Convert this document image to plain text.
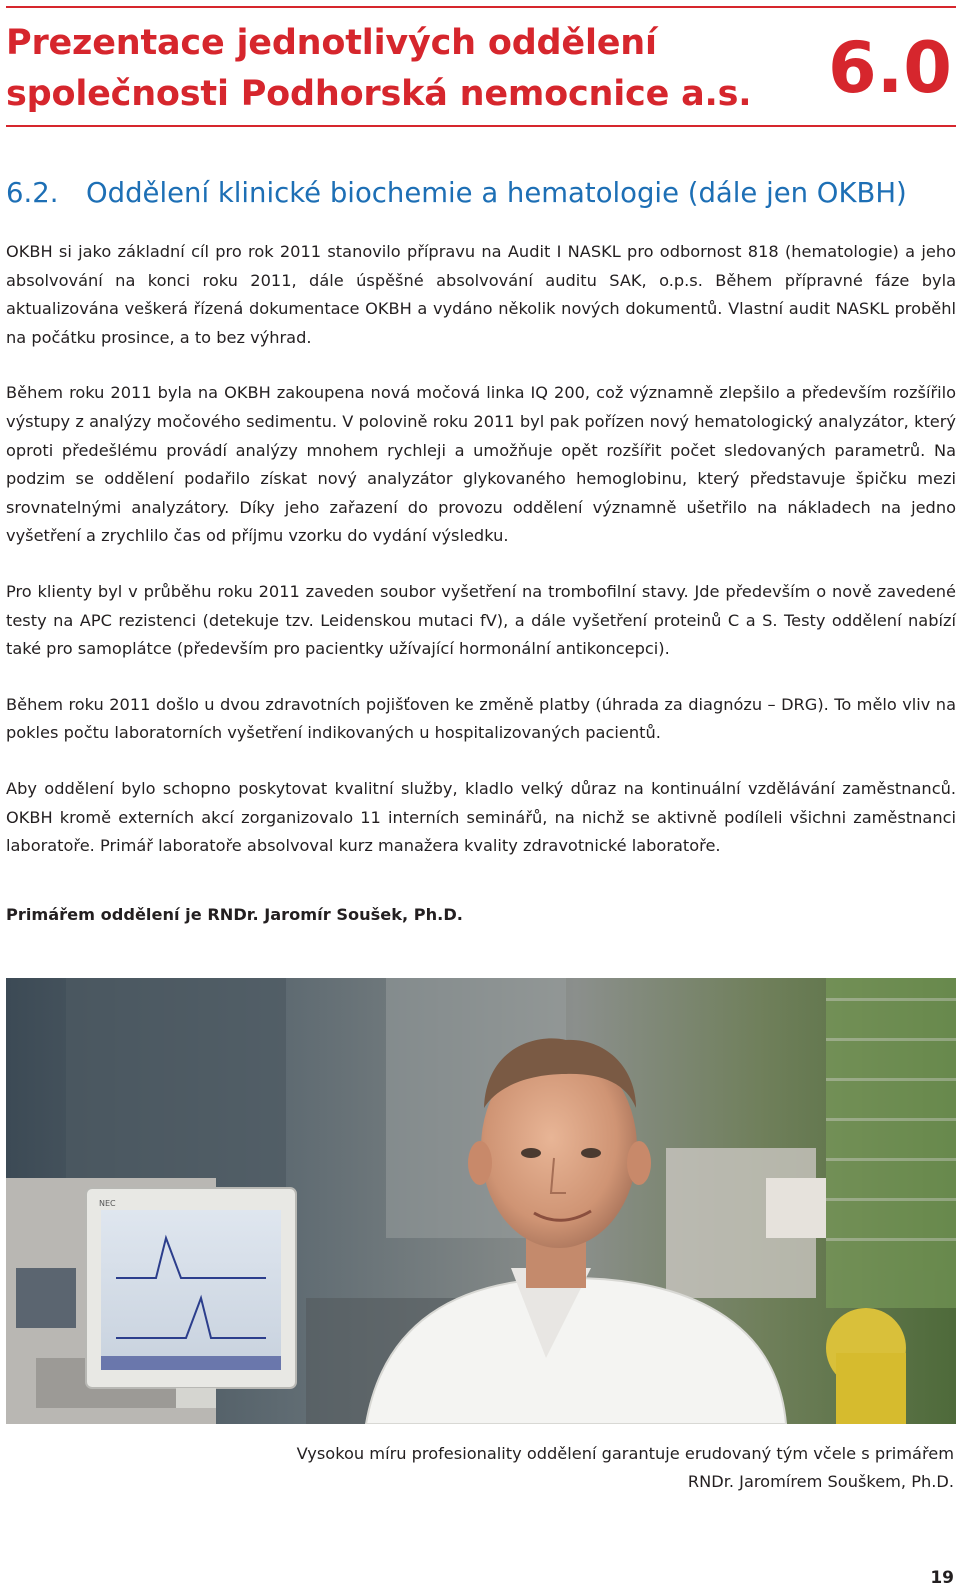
Prezentace jednotlivých oddělení
společnosti Podhorská nemocnice a.s.	6.0
6.2. Oddělení klinické biochemie a hematologie (dále jen OKBH)

OKBH si jako základní cíl pro rok 2011 stanovilo přípravu na Audit I NASKL pro odbornost 818 (hematologie) a jeho absolvování na konci roku 2011, dále úspěšné absolvování auditu SAK, o.p.s. Během přípravné fáze byla aktualizována veškerá řízená dokumentace OKBH a vydáno několik nových dokumentů. Vlastní audit NASKL proběhl na počátku prosince, a to bez výhrad.

Během roku 2011 byla na OKBH zakoupena nová močová linka IQ 200, což významně zlepšilo a především rozšířilo výstupy z analýzy močového sedimentu. V polovině roku 2011 byl pak pořízen nový hematologický analyzátor, který oproti předešlému provádí analýzy mnohem rychleji a umožňuje opět rozšířit počet sledovaných parametrů. Na podzim se oddělení podařilo získat nový analyzátor glykovaného hemoglobinu, který představuje špičku mezi srovnatelnými analyzátory. Díky jeho zařazení do provozu oddělení významně ušetřilo na nákladech na jedno vyšetření a zrychlilo čas od příjmu vzorku do vydání výsledku.

Pro klienty byl v průběhu roku 2011 zaveden soubor vyšetření na trombofilní stavy. Jde především o nově zavedené testy na APC rezistenci (detekuje tzv. Leidenskou mutaci fV), a dále vyšetření proteinů C a S. Testy oddělení nabízí také pro samoplátce (především pro pacientky užívající hormonální antikoncepci).

Během roku 2011 došlo u dvou zdravotních pojišťoven ke změně platby (úhrada za diagnózu – DRG). To mělo vliv na pokles počtu laboratorních vyšetření indikovaných u hospitalizovaných pacientů.

Aby oddělení bylo schopno poskytovat kvalitní služby, kladlo velký důraz na kontinuální vzdělávání zaměstnanců. OKBH kromě externích akcí zorganizovalo 11 interních seminářů, na nichž se aktivně podíleli všichni zaměstnanci laboratoře. Primář laboratoře absolvoval kurz manažera kvality zdravotnické laboratoře.

Primářem oddělení je RNDr. Jaromír Soušek, Ph.D.
NEC
Vysokou míru profesionality oddělení garantuje erudovaný tým včele s primářem
RNDr. Jaromírem Souškem, Ph.D.
19
